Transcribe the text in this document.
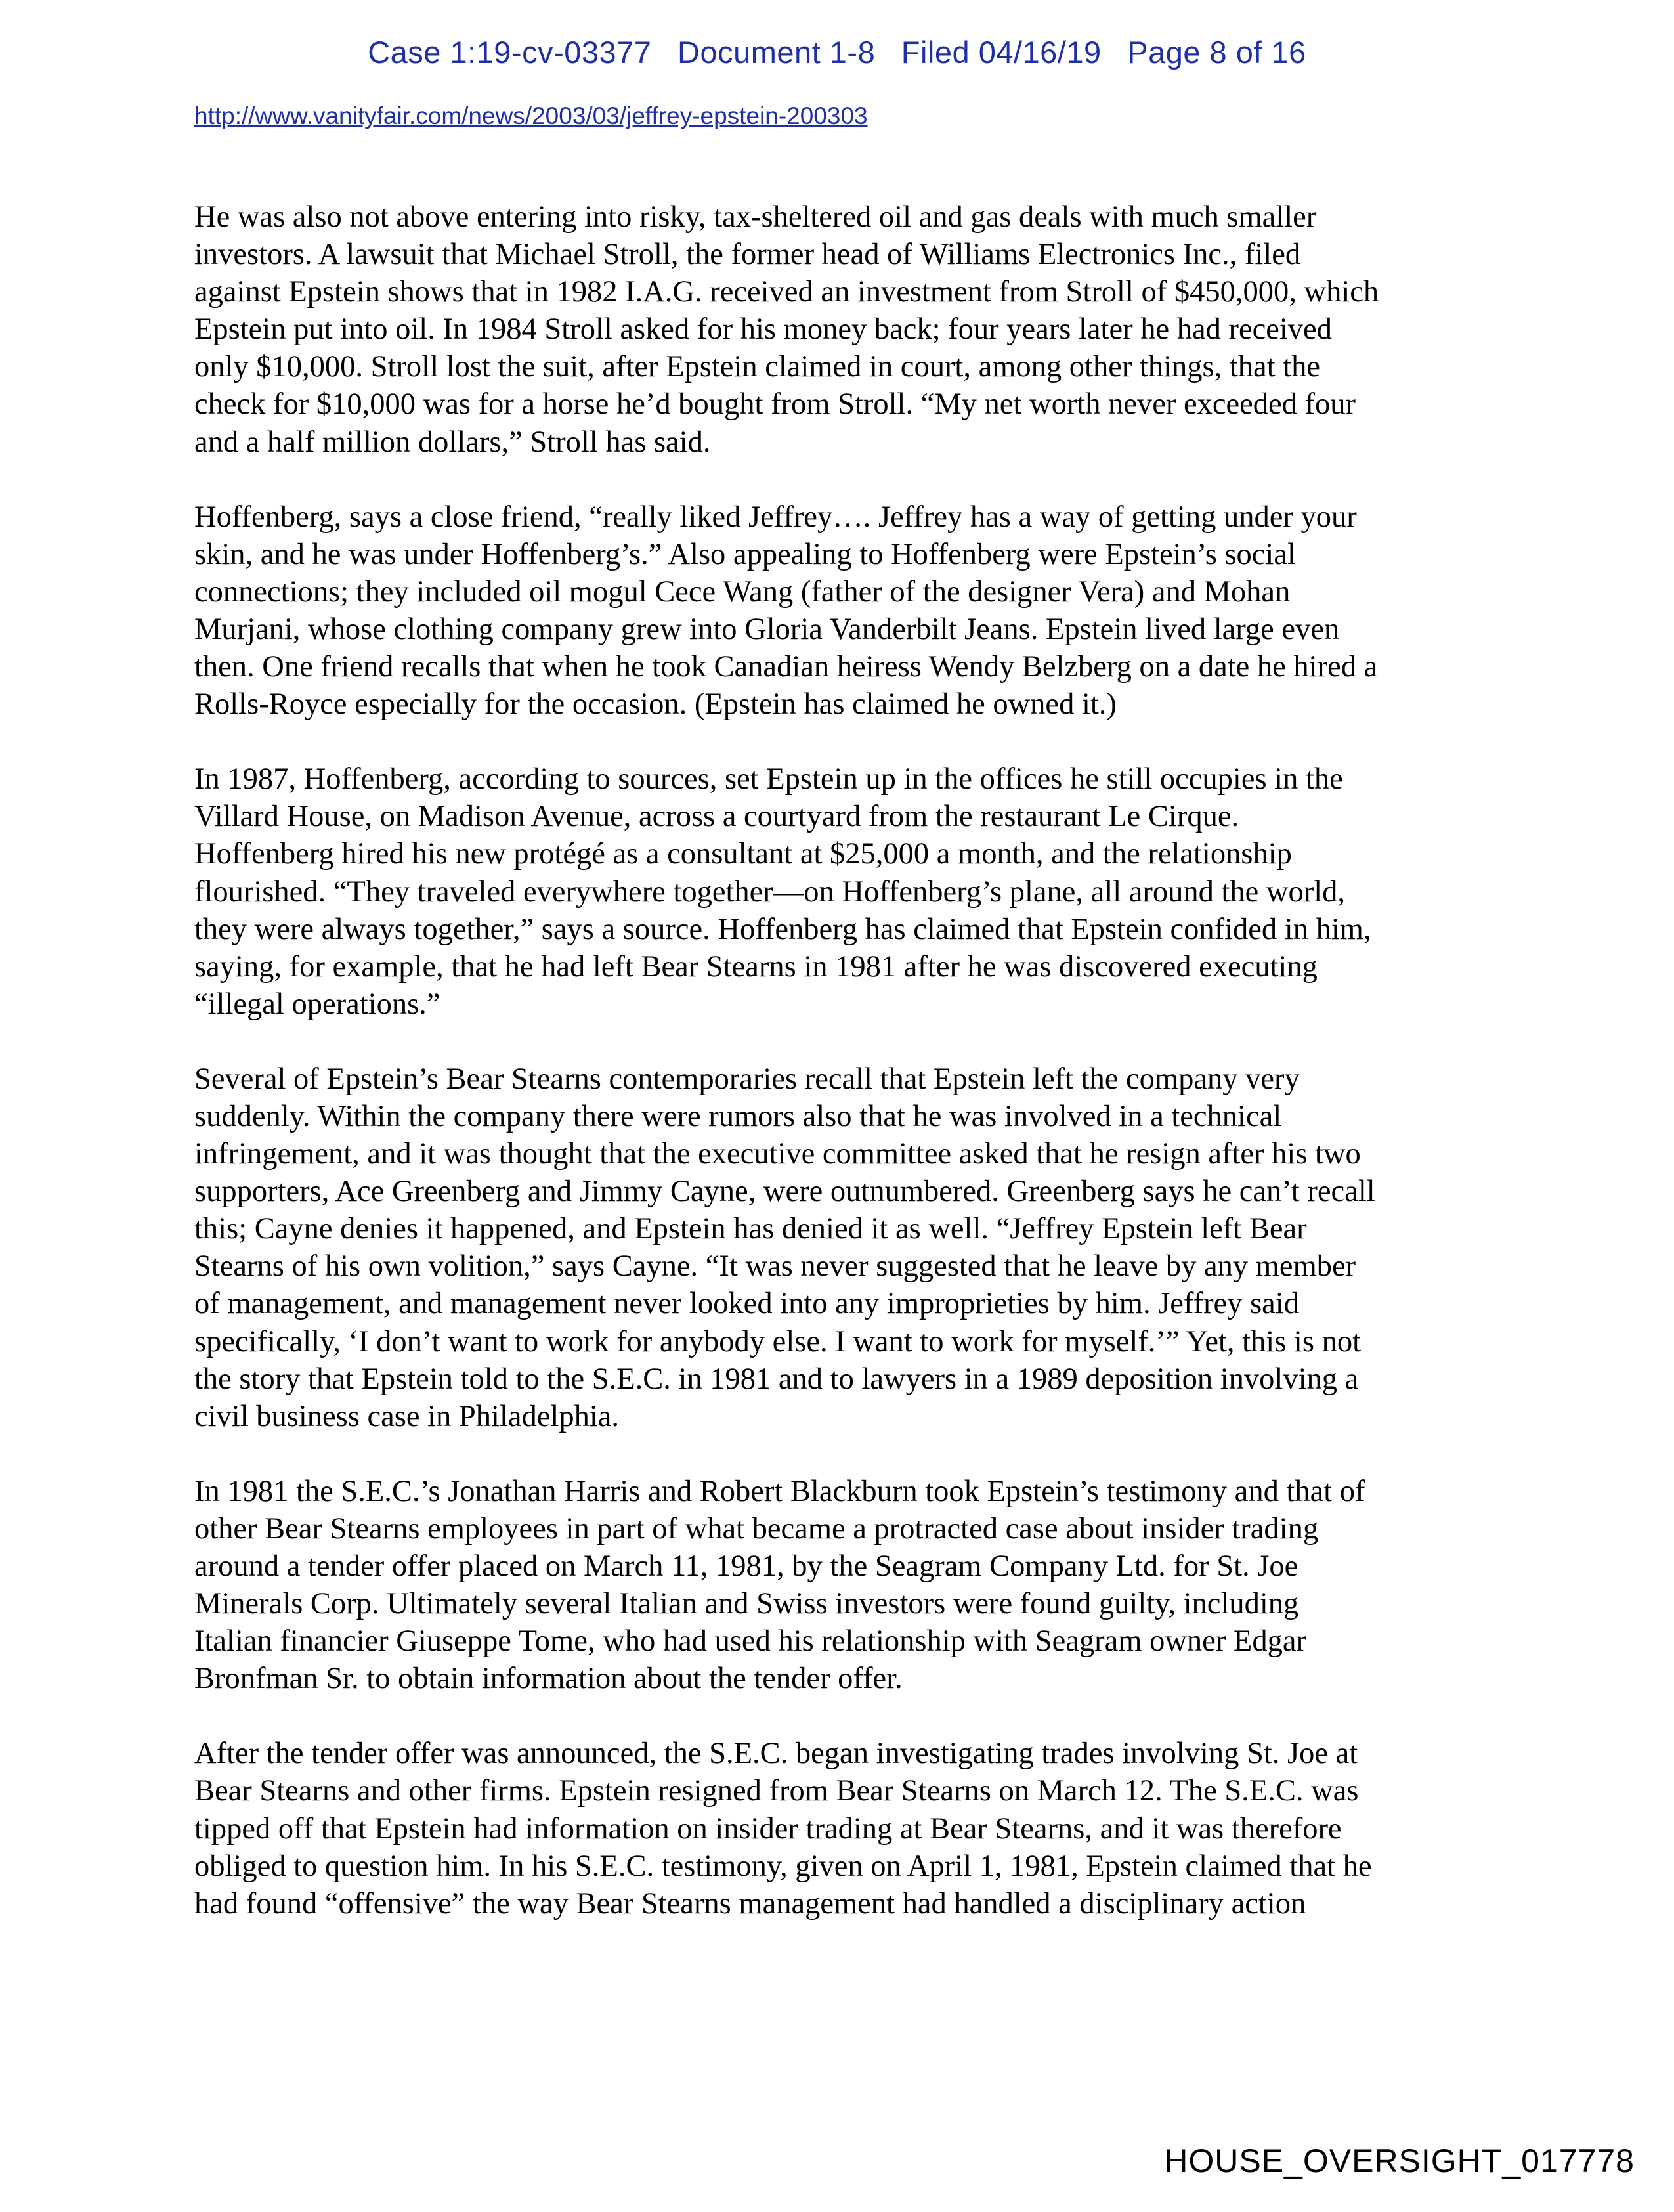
Case 1:19-cv-03377 Document 1-8 Filed 04/16/19 Page 8 of 16
http://www.vanityfair.com/news/2003/03/jeffrey-epstein-200303
He was also not above entering into risky, tax-sheltered oil and gas deals with much smaller
investors. A lawsuit that Michael Stroll, the former head of Williams Electronics Inc., filed
against Epstein shows that in 1982 I.A.G. received an investment from Stroll of $450,000, which
Epstein put into oil. In 1984 Stroll asked for his money back; four years later he had received
only $10,000. Stroll lost the suit, after Epstein claimed in court, among other things, that the
check for $10,000 was for a horse he’d bought from Stroll. “My net worth never exceeded four
and a half million dollars,” Stroll has said.
Hoffenberg, says a close friend, “really liked Jeffrey…. Jeffrey has a way of getting under your
skin, and he was under Hoffenberg’s.” Also appealing to Hoffenberg were Epstein’s social
connections; they included oil mogul Cece Wang (father of the designer Vera) and Mohan
Murjani, whose clothing company grew into Gloria Vanderbilt Jeans. Epstein lived large even
then. One friend recalls that when he took Canadian heiress Wendy Belzberg on a date he hired a
Rolls-Royce especially for the occasion. (Epstein has claimed he owned it.)
In 1987, Hoffenberg, according to sources, set Epstein up in the offices he still occupies in the
Villard House, on Madison Avenue, across a courtyard from the restaurant Le Cirque.
Hoffenberg hired his new protégé as a consultant at $25,000 a month, and the relationship
flourished. “They traveled everywhere together—on Hoffenberg’s plane, all around the world,
they were always together,” says a source. Hoffenberg has claimed that Epstein confided in him,
saying, for example, that he had left Bear Stearns in 1981 after he was discovered executing
“illegal operations.”
Several of Epstein’s Bear Stearns contemporaries recall that Epstein left the company very
suddenly. Within the company there were rumors also that he was involved in a technical
infringement, and it was thought that the executive committee asked that he resign after his two
supporters, Ace Greenberg and Jimmy Cayne, were outnumbered. Greenberg says he can’t recall
this; Cayne denies it happened, and Epstein has denied it as well. “Jeffrey Epstein left Bear
Stearns of his own volition,” says Cayne. “It was never suggested that he leave by any member
of management, and management never looked into any improprieties by him. Jeffrey said
specifically, ‘I don’t want to work for anybody else. I want to work for myself.’” Yet, this is not
the story that Epstein told to the S.E.C. in 1981 and to lawyers in a 1989 deposition involving a
civil business case in Philadelphia.
In 1981 the S.E.C.’s Jonathan Harris and Robert Blackburn took Epstein’s testimony and that of
other Bear Stearns employees in part of what became a protracted case about insider trading
around a tender offer placed on March 11, 1981, by the Seagram Company Ltd. for St. Joe
Minerals Corp. Ultimately several Italian and Swiss investors were found guilty, including
Italian financier Giuseppe Tome, who had used his relationship with Seagram owner Edgar
Bronfman Sr. to obtain information about the tender offer.
After the tender offer was announced, the S.E.C. began investigating trades involving St. Joe at
Bear Stearns and other firms. Epstein resigned from Bear Stearns on March 12. The S.E.C. was
tipped off that Epstein had information on insider trading at Bear Stearns, and it was therefore
obliged to question him. In his S.E.C. testimony, given on April 1, 1981, Epstein claimed that he
had found “offensive” the way Bear Stearns management had handled a disciplinary action
HOUSE_OVERSIGHT_017778
